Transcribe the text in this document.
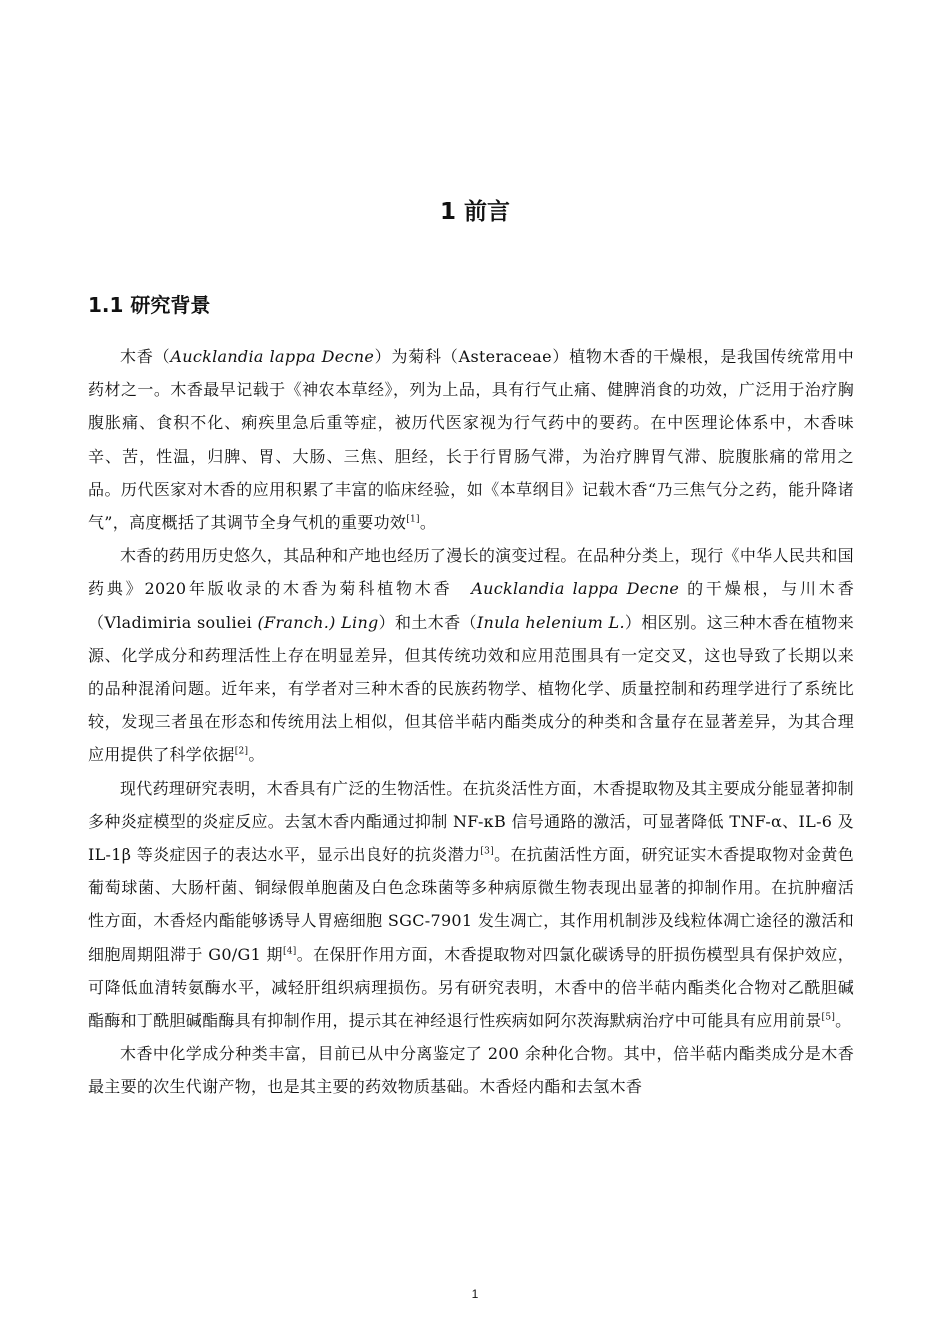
1 前言
1.1 研究背景

木香（Aucklandia lappa Decne）为菊科（Asteraceae）植物木香的干燥根，是我国传统常用中药材之一。木香最早记载于《神农本草经》，列为上品，具有行气止痛、健脾消食的功效，广泛用于治疗胸腹胀痛、食积不化、痢疾里急后重等症，被历代医家视为行气药中的要药。在中医理论体系中，木香味辛、苦，性温，归脾、胃、大肠、三焦、胆经，长于行胃肠气滞，为治疗脾胃气滞、脘腹胀痛的常用之品。历代医家对木香的应用积累了丰富的临床经验，如《本草纲目》记载木香“乃三焦气分之药，能升降诸气”，高度概括了其调节全身气机的重要功效[1]。

木香的药用历史悠久，其品种和产地也经历了漫长的演变过程。在品种分类上，现行《中华人民共和国药典》2020年版收录的木香为菊科植物木香　Aucklandia lappa Decne 的干燥根，与川木香（Vladimiria souliei (Franch.) Ling）和土木香（Inula helenium L.）相区别。这三种木香在植物来源、化学成分和药理活性上存在明显差异，但其传统功效和应用范围具有一定交叉，这也导致了长期以来的品种混淆问题。近年来，有学者对三种木香的民族药物学、植物化学、质量控制和药理学进行了系统比较，发现三者虽在形态和传统用法上相似，但其倍半萜内酯类成分的种类和含量存在显著差异，为其合理应用提供了科学依据[2]。

现代药理研究表明，木香具有广泛的生物活性。在抗炎活性方面，木香提取物及其主要成分能显著抑制多种炎症模型的炎症反应。去氢木香内酯通过抑制 NF-κB 信号通路的激活，可显著降低 TNF-α、IL-6 及 IL-1β 等炎症因子的表达水平，显示出良好的抗炎潜力[3]。在抗菌活性方面，研究证实木香提取物对金黄色葡萄球菌、大肠杆菌、铜绿假单胞菌及白色念珠菌等多种病原微生物表现出显著的抑制作用。在抗肿瘤活性方面，木香烃内酯能够诱导人胃癌细胞 SGC-7901 发生凋亡，其作用机制涉及线粒体凋亡途径的激活和细胞周期阻滞于 G0/G1 期[4]。在保肝作用方面，木香提取物对四氯化碳诱导的肝损伤模型具有保护效应，可降低血清转氨酶水平，减轻肝组织病理损伤。另有研究表明，木香中的倍半萜内酯类化合物对乙酰胆碱酯酶和丁酰胆碱酯酶具有抑制作用，提示其在神经退行性疾病如阿尔茨海默病治疗中可能具有应用前景[5]。

木香中化学成分种类丰富，目前已从中分离鉴定了 200 余种化合物。其中，倍半萜内酯类成分是木香最主要的次生代谢产物，也是其主要的药效物质基础。木香烃内酯和去氢木香

1
